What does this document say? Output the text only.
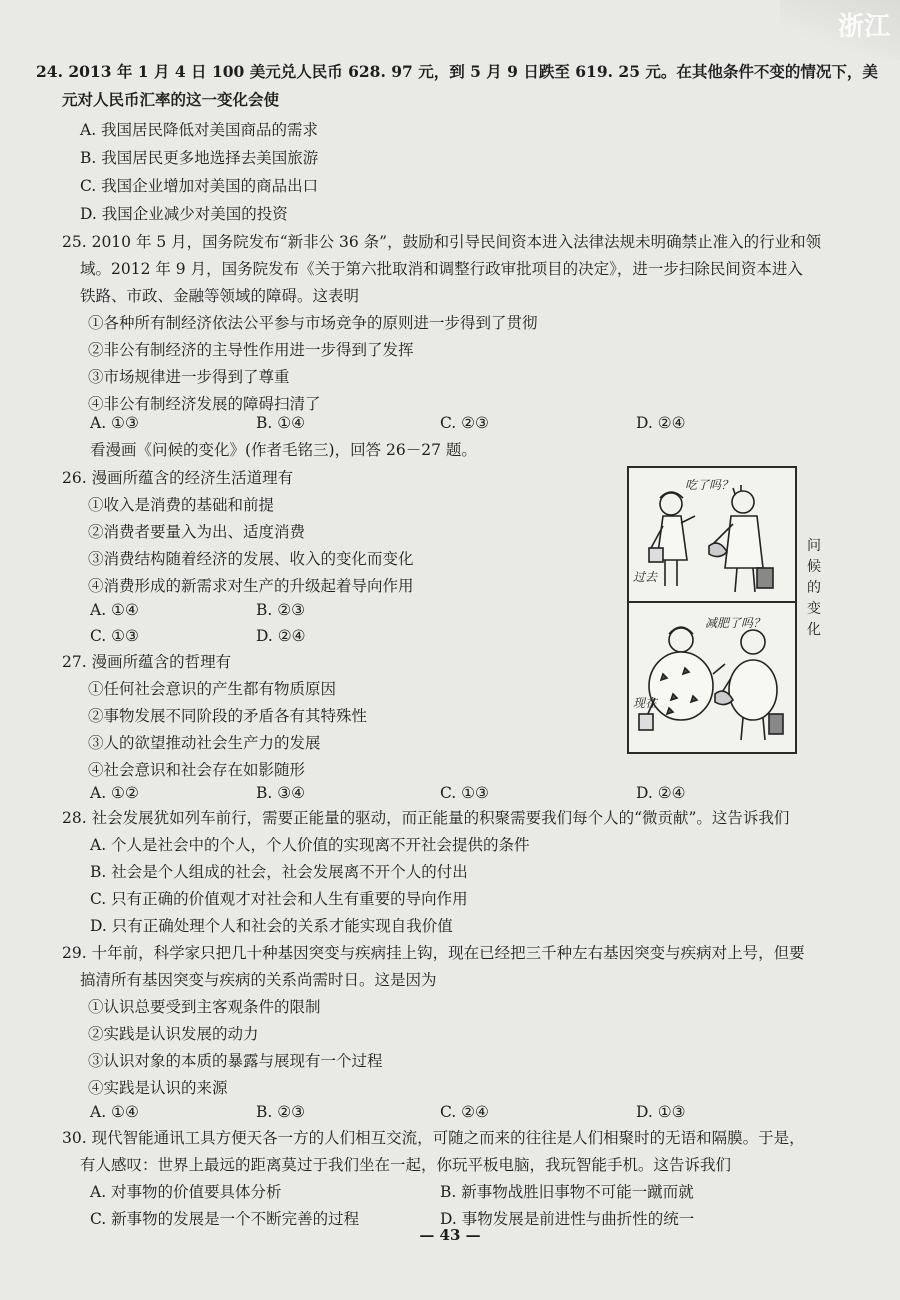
浙江
24. 2013 年 1 月 4 日 100 美元兑人民币 628. 97 元，到 5 月 9 日跌至 619. 25 元。在其他条件不变的情况下，美
元对人民币汇率的这一变化会使
A. 我国居民降低对美国商品的需求
B. 我国居民更多地选择去美国旅游
C. 我国企业增加对美国的商品出口
D. 我国企业减少对美国的投资
25. 2010 年 5 月，国务院发布“新非公 36 条”，鼓励和引导民间资本进入法律法规未明确禁止准入的行业和领
域。2012 年 9 月，国务院发布《关于第六批取消和调整行政审批项目的决定》，进一步扫除民间资本进入
铁路、市政、金融等领域的障碍。这表明
①各种所有制经济依法公平参与市场竞争的原则进一步得到了贯彻
②非公有制经济的主导性作用进一步得到了发挥
③市场规律进一步得到了尊重
④非公有制经济发展的障碍扫清了
A. ①③	B. ①④	C. ②③	D. ②④
看漫画《问候的变化》(作者毛铭三)，回答 26－27 题。
26. 漫画所蕴含的经济生活道理有
①收入是消费的基础和前提
②消费者要量入为出、适度消费
③消费结构随着经济的发展、收入的变化而变化
④消费形成的新需求对生产的升级起着导向作用
A. ①④	B. ②③
C. ①③	D. ②④
27. 漫画所蕴含的哲理有
①任何社会意识的产生都有物质原因
②事物发展不同阶段的矛盾各有其特殊性
③人的欲望推动社会生产力的发展
④社会意识和社会存在如影随形
A. ①②	B. ③④	C. ①③	D. ②④
吃了吗？
过去
减肥了吗？
现在
问候的变化
28. 社会发展犹如列车前行，需要正能量的驱动，而正能量的积聚需要我们每个人的“微贡献”。这告诉我们
A. 个人是社会中的个人，个人价值的实现离不开社会提供的条件
B. 社会是个人组成的社会，社会发展离不开个人的付出
C. 只有正确的价值观才对社会和人生有重要的导向作用
D. 只有正确处理个人和社会的关系才能实现自我价值
29. 十年前，科学家只把几十种基因突变与疾病挂上钩，现在已经把三千种左右基因突变与疾病对上号，但要
搞清所有基因突变与疾病的关系尚需时日。这是因为
①认识总要受到主客观条件的限制
②实践是认识发展的动力
③认识对象的本质的暴露与展现有一个过程
④实践是认识的来源
A. ①④	B. ②③	C. ②④	D. ①③
30. 现代智能通讯工具方便天各一方的人们相互交流，可随之而来的往往是人们相聚时的无语和隔膜。于是，
有人感叹：世界上最远的距离莫过于我们坐在一起，你玩平板电脑，我玩智能手机。这告诉我们
A. 对事物的价值要具体分析	B. 新事物战胜旧事物不可能一蹴而就
C. 新事物的发展是一个不断完善的过程	D. 事物发展是前进性与曲折性的统一
— 43 —
